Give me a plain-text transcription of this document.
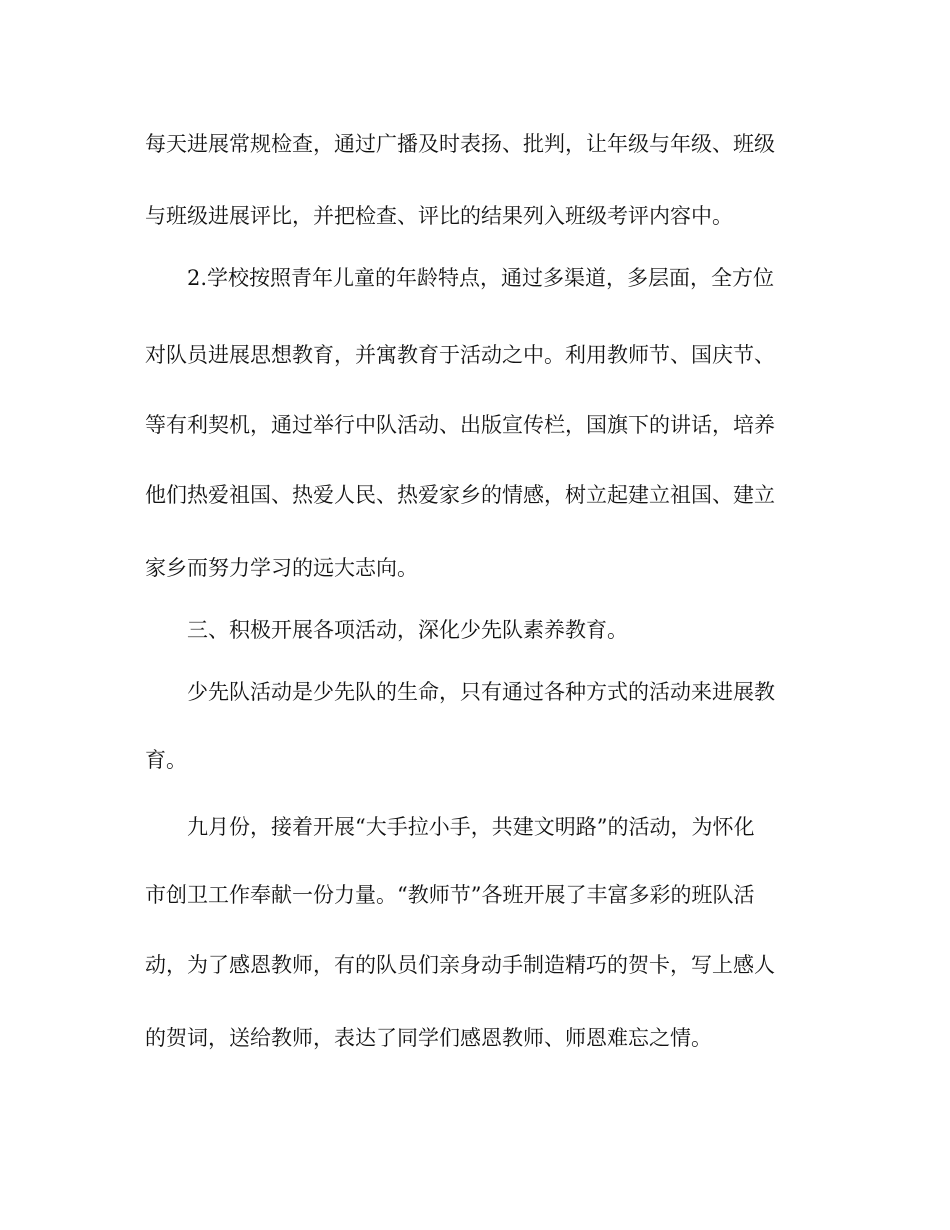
每天进展常规检查，通过广播及时表扬、批判，让年级与年级、班级

与班级进展评比，并把检查、评比的结果列入班级考评内容中。

2.学校按照青年儿童的年龄特点，通过多渠道，多层面，全方位

对队员进展思想教育，并寓教育于活动之中。利用教师节、国庆节、

等有利契机，通过举行中队活动、出版宣传栏，国旗下的讲话，培养

他们热爱祖国、热爱人民、热爱家乡的情感，树立起建立祖国、建立

家乡而努力学习的远大志向。

三、积极开展各项活动，深化少先队素养教育。

少先队活动是少先队的生命，只有通过各种方式的活动来进展教

育。

九月份，接着开展“大手拉小手，共建文明路”的活动，为怀化

市创卫工作奉献一份力量。“教师节”各班开展了丰富多彩的班队活

动，为了感恩教师，有的队员们亲身动手制造精巧的贺卡，写上感人

的贺词，送给教师，表达了同学们感恩教师、师恩难忘之情。
